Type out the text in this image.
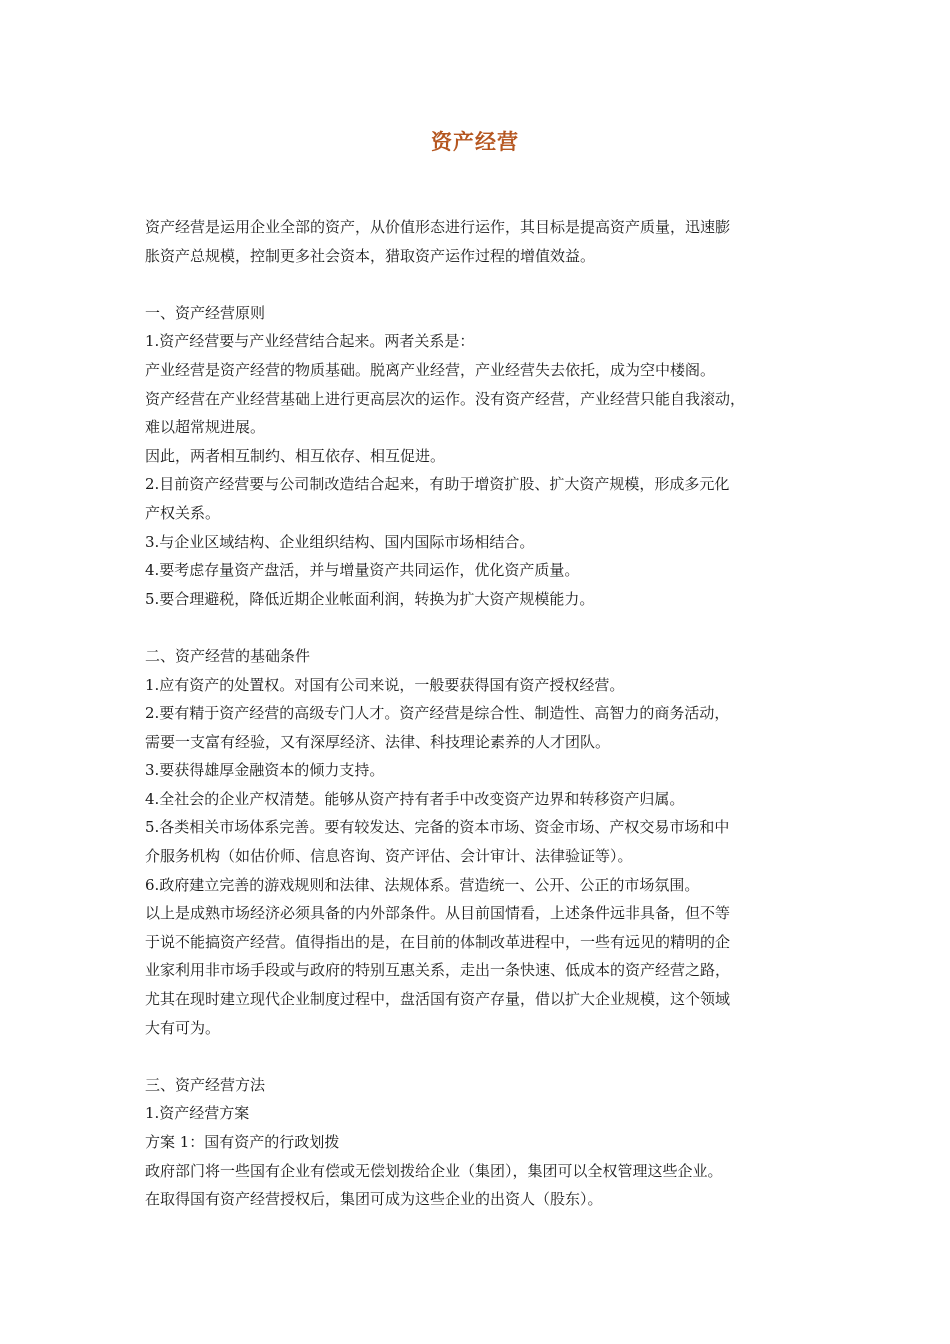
资产经营
资产经营是运用企业全部的资产，从价值形态进行运作，其目标是提高资产质量，迅速膨
胀资产总规模，控制更多社会资本，猎取资产运作过程的增值效益。
一、资产经营原则
1.资产经营要与产业经营结合起来。两者关系是：
产业经营是资产经营的物质基础。脱离产业经营，产业经营失去依托，成为空中楼阁。
资产经营在产业经营基础上进行更高层次的运作。没有资产经营，产业经营只能自我滚动，
难以超常规进展。
因此，两者相互制约、相互依存、相互促进。
2.目前资产经营要与公司制改造结合起来，有助于增资扩股、扩大资产规模，形成多元化
产权关系。
3.与企业区域结构、企业组织结构、国内国际市场相结合。
4.要考虑存量资产盘活，并与增量资产共同运作，优化资产质量。
5.要合理避税，降低近期企业帐面利润，转换为扩大资产规模能力。
二、资产经营的基础条件
1.应有资产的处置权。对国有公司来说，一般要获得国有资产授权经营。
2.要有精于资产经营的高级专门人才。资产经营是综合性、制造性、高智力的商务活动，
需要一支富有经验，又有深厚经济、法律、科技理论素养的人才团队。
3.要获得雄厚金融资本的倾力支持。
4.全社会的企业产权清楚。能够从资产持有者手中改变资产边界和转移资产归属。
5.各类相关市场体系完善。要有较发达、完备的资本市场、资金市场、产权交易市场和中
介服务机构（如估价师、信息咨询、资产评估、会计审计、法律验证等）。
6.政府建立完善的游戏规则和法律、法规体系。营造统一、公开、公正的市场氛围。
以上是成熟市场经济必须具备的内外部条件。从目前国情看，上述条件远非具备，但不等
于说不能搞资产经营。值得指出的是，在目前的体制改革进程中，一些有远见的精明的企
业家利用非市场手段或与政府的特别互惠关系，走出一条快速、低成本的资产经营之路，
尤其在现时建立现代企业制度过程中，盘活国有资产存量，借以扩大企业规模，这个领域
大有可为。
三、资产经营方法
1.资产经营方案
方案 1：国有资产的行政划拨
政府部门将一些国有企业有偿或无偿划拨给企业（集团），集团可以全权管理这些企业。
在取得国有资产经营授权后，集团可成为这些企业的出资人（股东）。
